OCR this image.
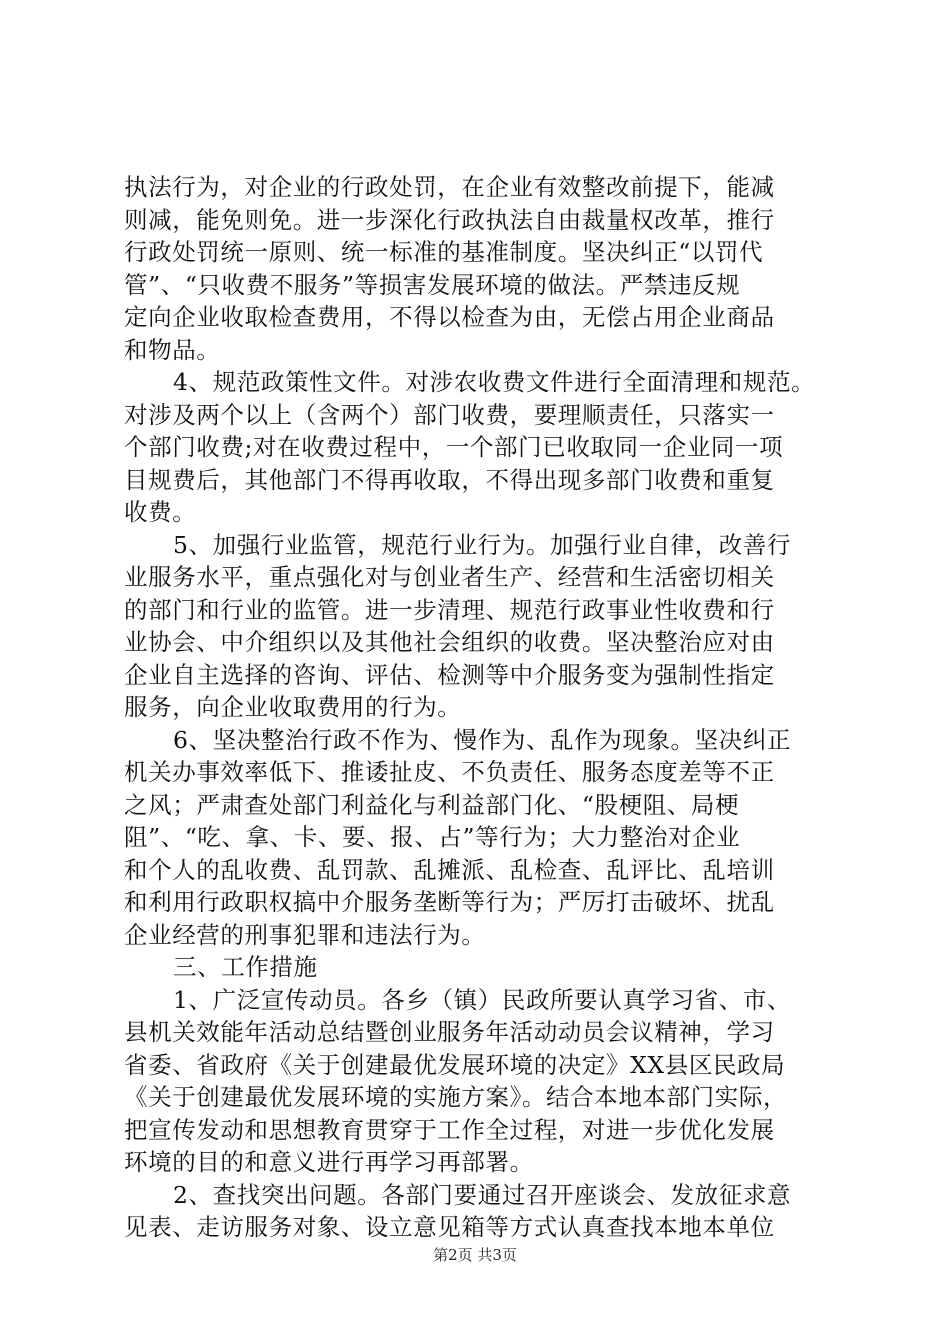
执法行为，对企业的行政处罚，在企业有效整改前提下，能减
则减，能免则免。进一步深化行政执法自由裁量权改革，推行
行政处罚统一原则、统一标准的基准制度。坚决纠正“以罚代
管”、“只收费不服务”等损害发展环境的做法。严禁违反规
定向企业收取检查费用，不得以检查为由，无偿占用企业商品
和物品。
4、规范政策性文件。对涉农收费文件进行全面清理和规范。
对涉及两个以上（含两个）部门收费，要理顺责任，只落实一
个部门收费;对在收费过程中，一个部门已收取同一企业同一项
目规费后，其他部门不得再收取，不得出现多部门收费和重复
收费。
5、加强行业监管，规范行业行为。加强行业自律，改善行
业服务水平，重点强化对与创业者生产、经营和生活密切相关
的部门和行业的监管。进一步清理、规范行政事业性收费和行
业协会、中介组织以及其他社会组织的收费。坚决整治应对由
企业自主选择的咨询、评估、检测等中介服务变为强制性指定
服务，向企业收取费用的行为。
6、坚决整治行政不作为、慢作为、乱作为现象。坚决纠正
机关办事效率低下、推诿扯皮、不负责任、服务态度差等不正
之风；严肃查处部门利益化与利益部门化、“股梗阻、局梗
阻”、“吃、拿、卡、要、报、占”等行为；大力整治对企业
和个人的乱收费、乱罚款、乱摊派、乱检查、乱评比、乱培训
和利用行政职权搞中介服务垄断等行为；严厉打击破坏、扰乱
企业经营的刑事犯罪和违法行为。
三、工作措施
1、广泛宣传动员。各乡（镇）民政所要认真学习省、市、
县机关效能年活动总结暨创业服务年活动动员会议精神，学习
省委、省政府《关于创建最优发展环境的决定》XX县区民政局
《关于创建最优发展环境的实施方案》。结合本地本部门实际，
把宣传发动和思想教育贯穿于工作全过程，对进一步优化发展
环境的目的和意义进行再学习再部署。
2、查找突出问题。各部门要通过召开座谈会、发放征求意
见表、走访服务对象、设立意见箱等方式认真查找本地本单位
第2页 共3页
